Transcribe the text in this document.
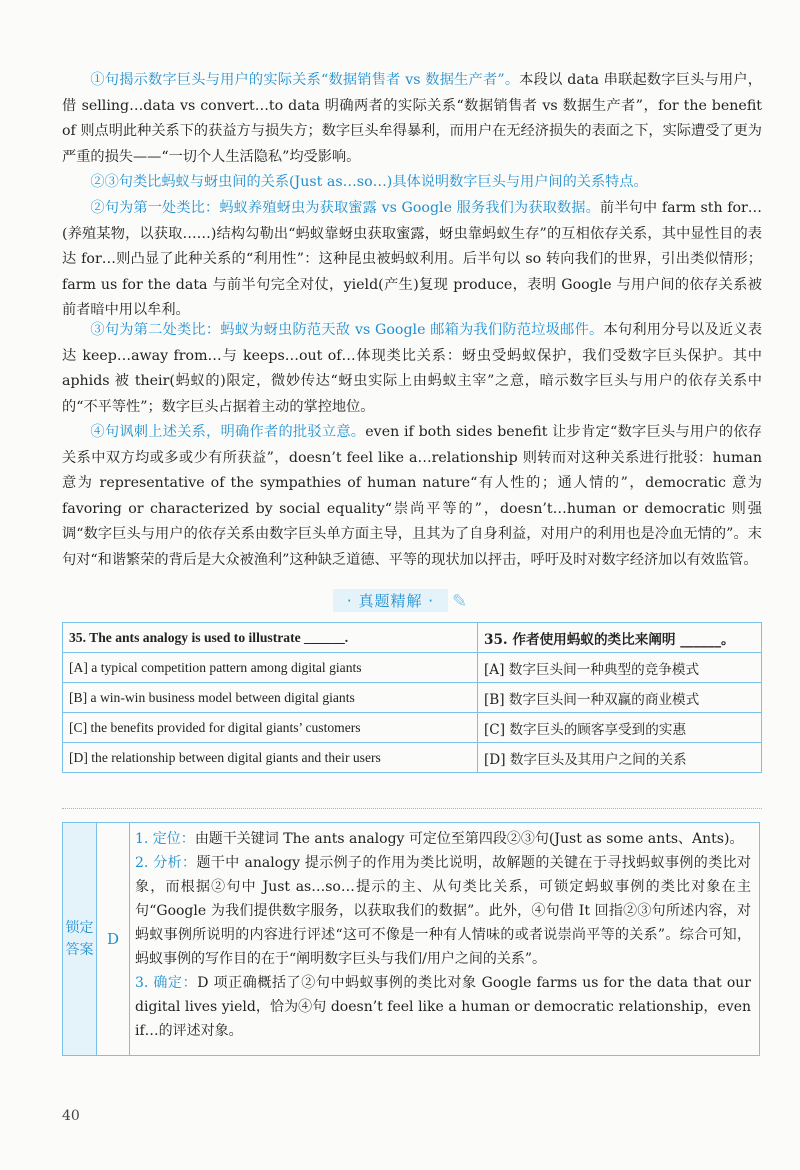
①句揭示数字巨头与用户的实际关系“数据销售者 vs 数据生产者”。本段以 data 串联起数字巨头与用户，借 selling…data vs convert…to data 明确两者的实际关系“数据销售者 vs 数据生产者”，for the benefit of 则点明此种关系下的获益方与损失方；数字巨头牟得暴利，而用户在无经济损失的表面之下，实际遭受了更为严重的损失——“一切个人生活隐私”均受影响。

②③句类比蚂蚁与蚜虫间的关系(Just as…so…)具体说明数字巨头与用户间的关系特点。

②句为第一处类比：蚂蚁养殖蚜虫为获取蜜露 vs Google 服务我们为获取数据。前半句中 farm sth for…(养殖某物，以获取……)结构勾勒出“蚂蚁靠蚜虫获取蜜露，蚜虫靠蚂蚁生存”的互相依存关系，其中显性目的表达 for…则凸显了此种关系的“利用性”：这种昆虫被蚂蚁利用。后半句以 so 转向我们的世界，引出类似情形；farm us for the data 与前半句完全对仗，yield(产生)复现 produce，表明 Google 与用户间的依存关系被前者暗中用以牟利。

③句为第二处类比：蚂蚁为蚜虫防范天敌 vs Google 邮箱为我们防范垃圾邮件。本句利用分号以及近义表达 keep…away from…与 keeps…out of…体现类比关系：蚜虫受蚂蚁保护，我们受数字巨头保护。其中 aphids 被 their(蚂蚁的)限定，微妙传达“蚜虫实际上由蚂蚁主宰”之意，暗示数字巨头与用户的依存关系中的“不平等性”；数字巨头占据着主动的掌控地位。

④句讽刺上述关系，明确作者的批驳立意。even if both sides benefit 让步肯定“数字巨头与用户的依存关系中双方均或多或少有所获益”，doesn’t feel like a…relationship 则转而对这种关系进行批驳：human 意为 representative of the sympathies of human nature“有人性的；通人情的”，democratic 意为 favoring or characterized by social equality“崇尚平等的”，doesn’t…human or democratic 则强调“数字巨头与用户的依存关系由数字巨头单方面主导，且其为了自身利益，对用户的利用也是冷血无情的”。末句对“和谐繁荣的背后是大众被渔利”这种缺乏道德、平等的现状加以抨击，呼吁及时对数字经济加以有效监管。

· 真题精解 · ✎
35. The ants analogy is used to illustrate ______.	35. 作者使用蚂蚁的类比来阐明 ______。
[A] a typical competition pattern among digital giants	[A] 数字巨头间一种典型的竞争模式
[B] a win-win business model between digital giants	[B] 数字巨头间一种双赢的商业模式
[C] the benefits provided for digital giants’ customers	[C] 数字巨头的顾客享受到的实惠
[D] the relationship between digital giants and their users	[D] 数字巨头及其用户之间的关系
锁定
答案
D

1. 定位：由题干关键词 The ants analogy 可定位至第四段②③句(Just as some ants、Ants)。

2. 分析：题干中 analogy 提示例子的作用为类比说明，故解题的关键在于寻找蚂蚁事例的类比对象，而根据②句中 Just as…so…提示的主、从句类比关系，可锁定蚂蚁事例的类比对象在主句“Google 为我们提供数字服务，以获取我们的数据”。此外，④句借 It 回指②③句所述内容，对蚂蚁事例所说明的内容进行评述“这可不像是一种有人情味的或者说崇尚平等的关系”。综合可知，蚂蚁事例的写作目的在于“阐明数字巨头与我们/用户之间的关系”。

3. 确定：D 项正确概括了②句中蚂蚁事例的类比对象 Google farms us for the data that our digital lives yield，恰为④句 doesn’t feel like a human or democratic relationship，even if…的评述对象。

40
